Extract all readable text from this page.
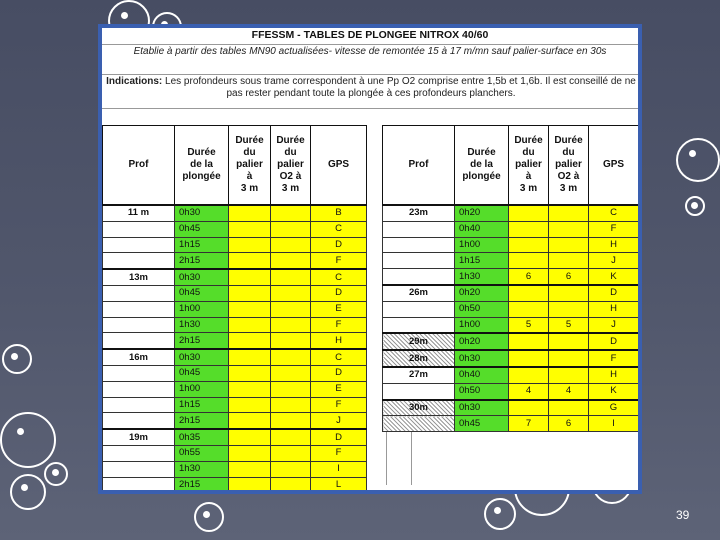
FFESSM - TABLES DE PLONGEE NITROX 40/60
Etablie à partir des tables MN90 actualisées- vitesse de remontée 15 à 17 m/mn sauf palier-surface en 30s
Indications: Les profondeurs sous trame correspondent à une Pp O2 comprise entre 1,5b et 1,6b. Il est conseillé de ne pas rester pendant toute la plongée à ces profondeurs planchers.
Prof	Durée
de la
plongée	Durée
du
palier
à
3 m	Durée
du
palier
O2 à
3 m	GPS

11 m	0h30			B
	0h45			C
	1h15			D
	2h15			F
13m	0h30			C
	0h45			D
	1h00			E
	1h30			F
	2h15			H
16m	0h30			C
	0h45			D
	1h00			E
	1h15			F
	2h15			J
19m	0h35			D
	0h55			F
	1h30			I
	2h15			L
Prof	Durée
de la
plongée	Durée
du
palier
à
3 m	Durée
du
palier
O2 à
3 m	GPS

23m	0h20			C
	0h40			F
	1h00			H
	1h15			J
	1h30	6	6	K
26m	0h20			D
	0h50			H
	1h00	5	5	J
29m	0h20			D
28m	0h30			F
27m	0h40			H
	0h50	4	4	K
30m	0h30			G
	0h45	7	6	I
39
